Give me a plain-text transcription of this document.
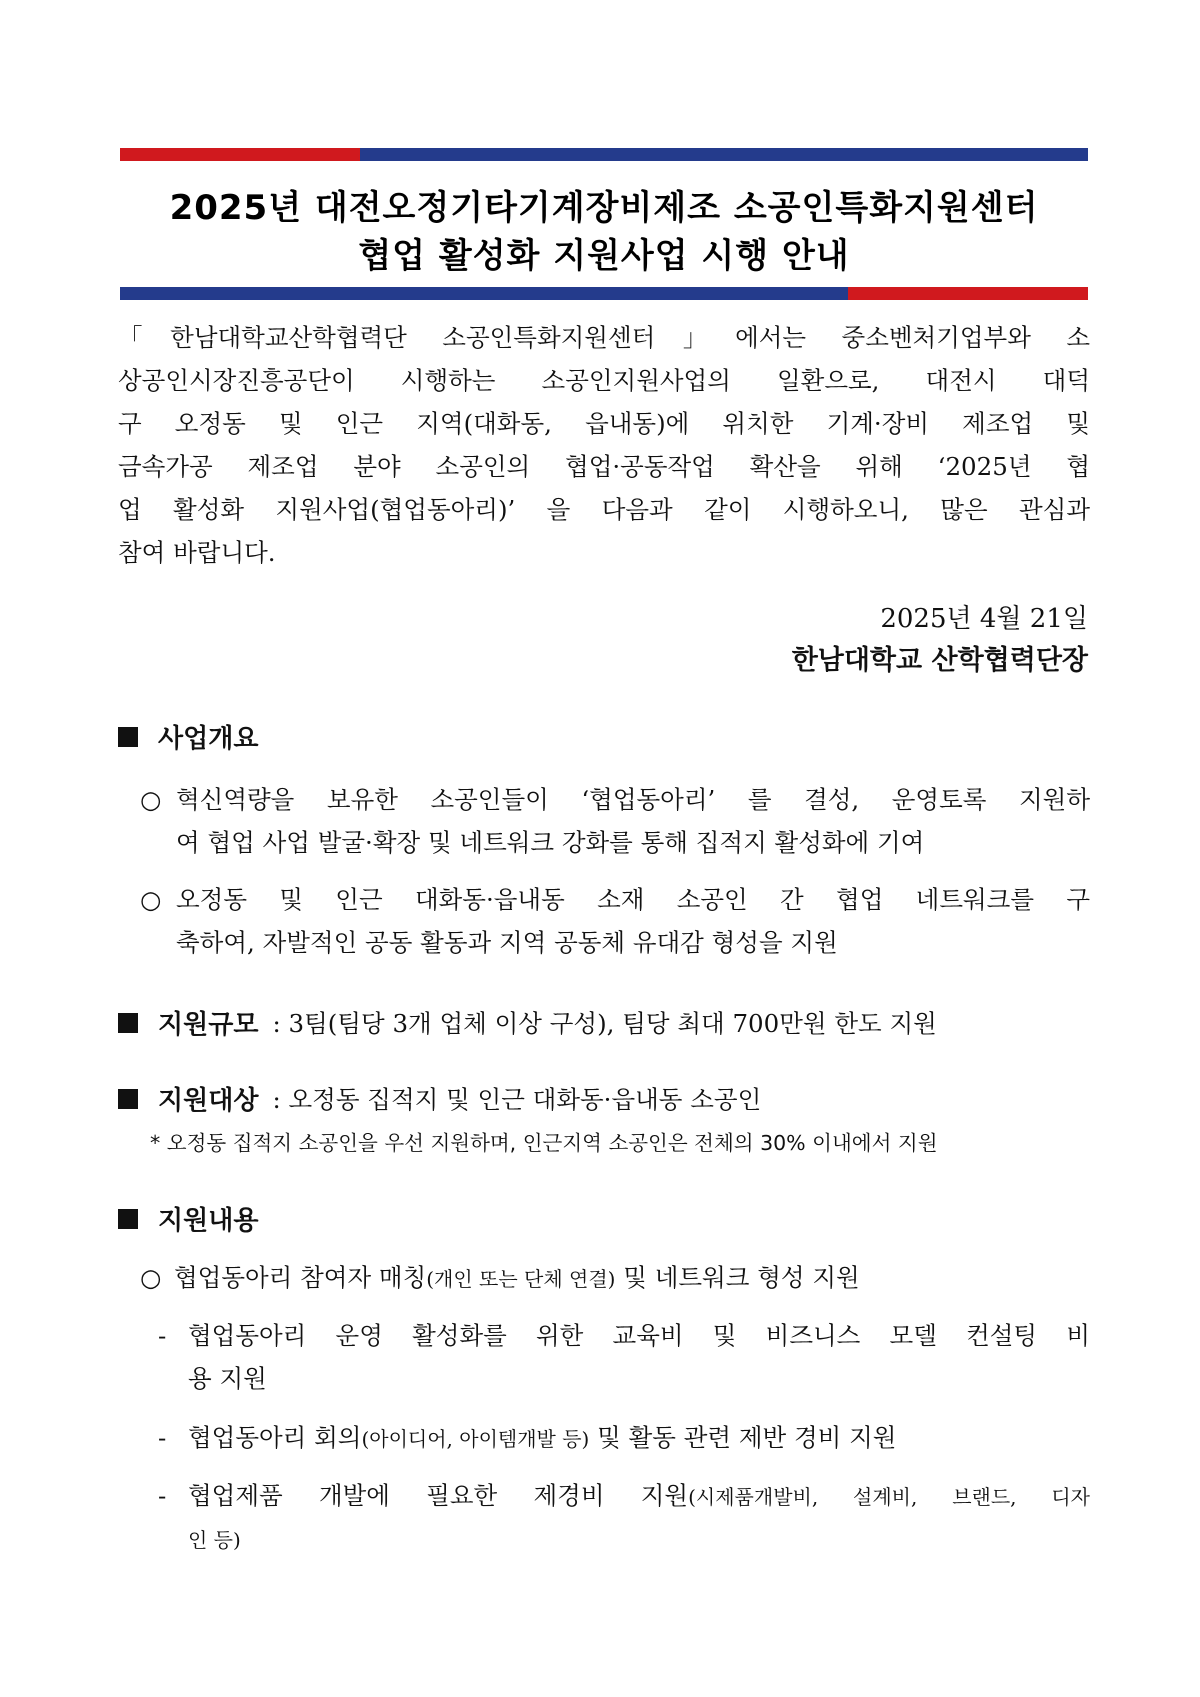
2025년 대전오정기타기계장비제조 소공인특화지원센터
협업 활성화 지원사업 시행 안내
「한남대학교산학협력단 소공인특화지원센터」에서는 중소벤처기업부와 소
상공인시장진흥공단이 시행하는 소공인지원사업의 일환으로, 대전시 대덕
구 오정동 및 인근 지역(대화동, 읍내동)에 위치한 기계·장비 제조업 및
금속가공 제조업 분야 소공인의 협업·공동작업 확산을 위해 ‘2025년 협
업 활성화 지원사업(협업동아리)’ 을 다음과 같이 시행하오니, 많은 관심과
참여 바랍니다.
2025년 4월 21일
한남대학교 산학협력단장
사업개요
○ 혁신역량을 보유한 소공인들이 ‘협업동아리’ 를 결성, 운영토록 지원하
여 협업 사업 발굴·확장 및 네트워크 강화를 통해 집적지 활성화에 기여
○ 오정동 및 인근 대화동·읍내동 소재 소공인 간 협업 네트워크를 구
축하여, 자발적인 공동 활동과 지역 공동체 유대감 형성을 지원
지원규모 : 3팀(팀당 3개 업체 이상 구성), 팀당 최대 700만원 한도 지원
지원대상 : 오정동 집적지 및 인근 대화동·읍내동 소공인
* 오정동 집적지 소공인을 우선 지원하며, 인근지역 소공인은 전체의 30% 이내에서 지원
지원내용
○ 협업동아리 참여자 매칭(개인 또는 단체 연결) 및 네트워크 형성 지원
- 협업동아리 운영 활성화를 위한 교육비 및 비즈니스 모델 컨설팅 비
용 지원
- 협업동아리 회의(아이디어, 아이템개발 등) 및 활동 관련 제반 경비 지원
- 협업제품 개발에 필요한 제경비 지원(시제품개발비, 설계비, 브랜드, 디자
인 등)
